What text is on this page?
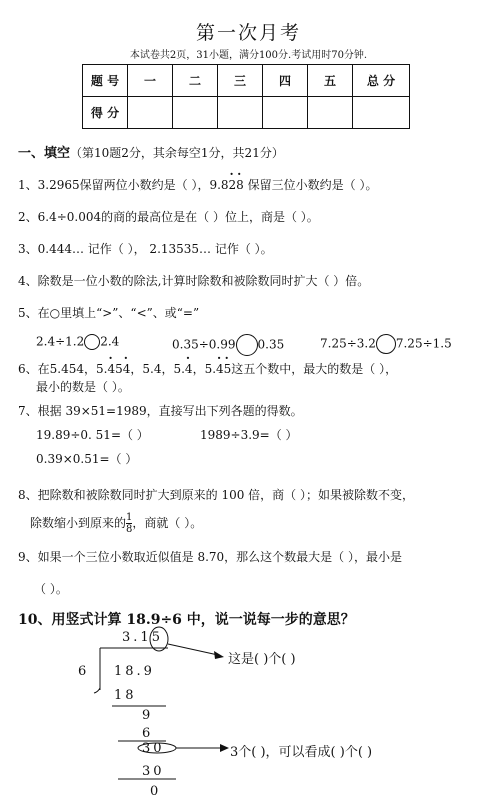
第一次月考
本试卷共2页，31小题，满分100分.考试用时70分钟.
题 号	一	二	三	四	五	总 分
得 分						
一、填空（第10题2分，其余每空1分，共21分）
1、3.2965保留两位小数约是（ ），9.8· 2· 8 保留三位小数约是（ ）。
2、6.4÷0.004的商的最高位是在（ ）位上，商是（ ）。
3、0.444… 记作（ ）， 2.13535… 记作（ ）。
4、除数是一位小数的除法,计算时除数和被除数同时扩大（ ）倍。
5、在○里填上“>”、“<”、或“=”
2.4÷1.2 2.4	0.35÷0.99 0.35	7.25÷3.2 7.25÷1.5
6、在5.454，5.· 45· 4，5.4，5.· 4，5.· 4· 5这五个数中，最大的数是（ ），
最小的数是（ ）。
7、根据 39×51=1989，直接写出下列各题的得数。
19.89÷0. 51=（ ）	1989÷3.9=（ ）
0.39×0.51=（ ）
8、把除数和被除数同时扩大到原来的 100 倍，商（ ）；如果被除数不变，
除数缩小到原来的 $\frac{1}{8}$ ，商就（ ）。
9、如果一个三位小数取近似值是 8.70，那么这个数最大是（ ），最小是
（ ）。
10、用竖式计算 18.9÷6 中，说一说每一步的意思？
3.15
6 18.9
18
9
6
30
30
0
这是( )个( )
3个( )，可以看成( )个( )
